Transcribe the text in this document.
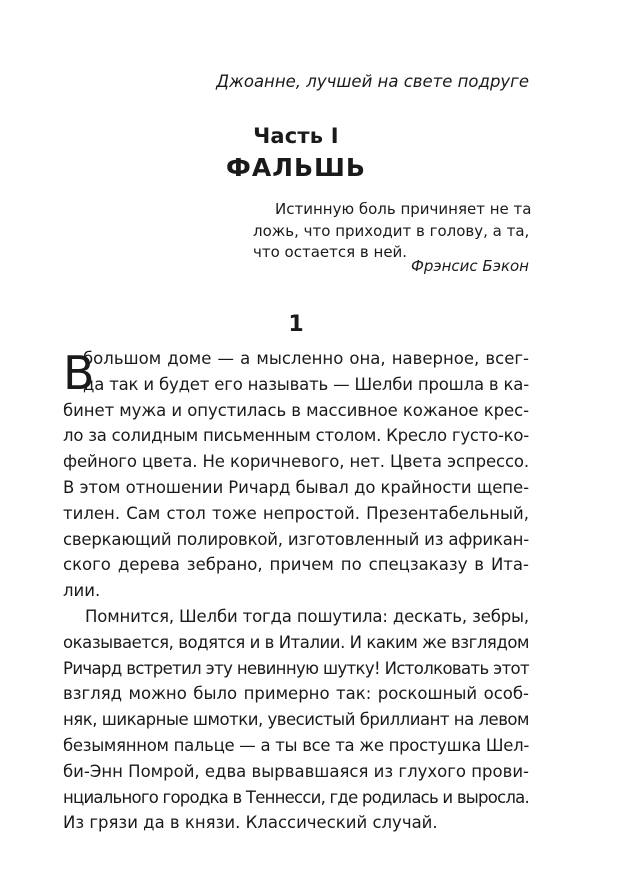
Джоанне, лучшей на свете подруге
Часть I
ФАЛЬШЬ
Истинную боль причиняет не та
ложь, что приходит в голову, а та,
что остается в ней.
Фрэнсис Бэкон
1
В
большом доме — а мысленно она, наверное, всег-
да так и будет его называть — Шелби прошла в ка-
бинет мужа и опустилась в массивное кожаное крес-
ло за солидным письменным столом. Кресло густо-ко-
фейного цвета. Не коричневого, нет. Цвета эспрессо.
В этом отношении Ричард бывал до крайности щепе-
тилен. Сам стол тоже непростой. Презентабельный,
сверкающий полировкой, изготовленный из африкан-
ского дерева зебрано, причем по спецзаказу в Ита-
лии.
Помнится, Шелби тогда пошутила: дескать, зебры,
оказывается, водятся и в Италии. И каким же взглядом
Ричард встретил эту невинную шутку! Истолковать этот
взгляд можно было примерно так: роскошный особ-
няк, шикарные шмотки, увесистый бриллиант на левом
безымянном пальце — а ты все та же простушка Шел-
би-Энн Помрой, едва вырвавшаяся из глухого прови-
нциального городка в Теннесси, где родилась и выросла.
Из грязи да в князи. Классический случай.
